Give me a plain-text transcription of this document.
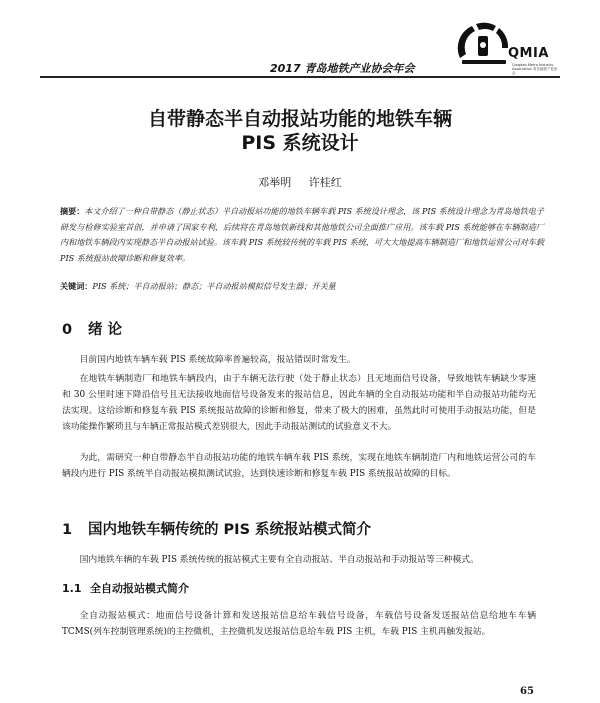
2017 青岛地铁产业协会年会
QMIA
Qingdao Metro Industry Association 青岛地铁产业协会
自带静态半自动报站功能的地铁车辆
PIS 系统设计
邓举明 许桂红
摘要：本文介绍了一种自带静态（静止状态）半自动报站功能的地铁车辆车载 PIS 系统设计理念，该 PIS 系统设计理念为青岛地铁电子研发与检修实验室首创，并申请了国家专利，后续将在青岛地铁新线和其他地铁公司全面推广应用。该车载 PIS 系统能够在车辆制造厂内和地铁车辆段内实现静态半自动报站试验。该车载 PIS 系统较传统的车载 PIS 系统，可大大地提高车辆制造厂和地铁运营公司对车载 PIS 系统报站故障诊断和修复效率。
关键词：PIS 系统；半自动报站；静态；半自动报站模拟信号发生器；开关量
0 绪 论
目前国内地铁车辆车载 PIS 系统故障率普遍较高，报站错误时常发生。
在地铁车辆制造厂和地铁车辆段内，由于车辆无法行驶（处于静止状态）且无地面信号设备，导致地铁车辆缺少零速和 30 公里时速下降沿信号且无法接收地面信号设备发来的报站信息，因此车辆的全自动报站功能和半自动报站功能均无法实现。这给诊断和修复车载 PIS 系统报站故障的诊断和修复，带来了极大的困难，虽然此时可使用手动报站功能，但是该功能操作繁琐且与车辆正常报站模式差别很大，因此手动报站测试的试验意义不大。
为此，需研究一种自带静态半自动报站功能的地铁车辆车载 PIS 系统，实现在地铁车辆制造厂内和地铁运营公司的车辆段内进行 PIS 系统半自动报站模拟测试试验，达到快速诊断和修复车载 PIS 系统报站故障的目标。
1 国内地铁车辆传统的 PIS 系统报站模式简介
国内地铁车辆的车载 PIS 系统传统的报站模式主要有全自动报站、半自动报站和手动报站等三种模式。
1.1 全自动报站模式简介
全自动报站模式：地面信号设备计算和发送报站信息给车载信号设备，车载信号设备发送报站信息给地车车辆 TCMS(列车控制管理系统)的主控微机，主控微机发送报站信息给车载 PIS 主机，车载 PIS 主机再触发报站。
65
